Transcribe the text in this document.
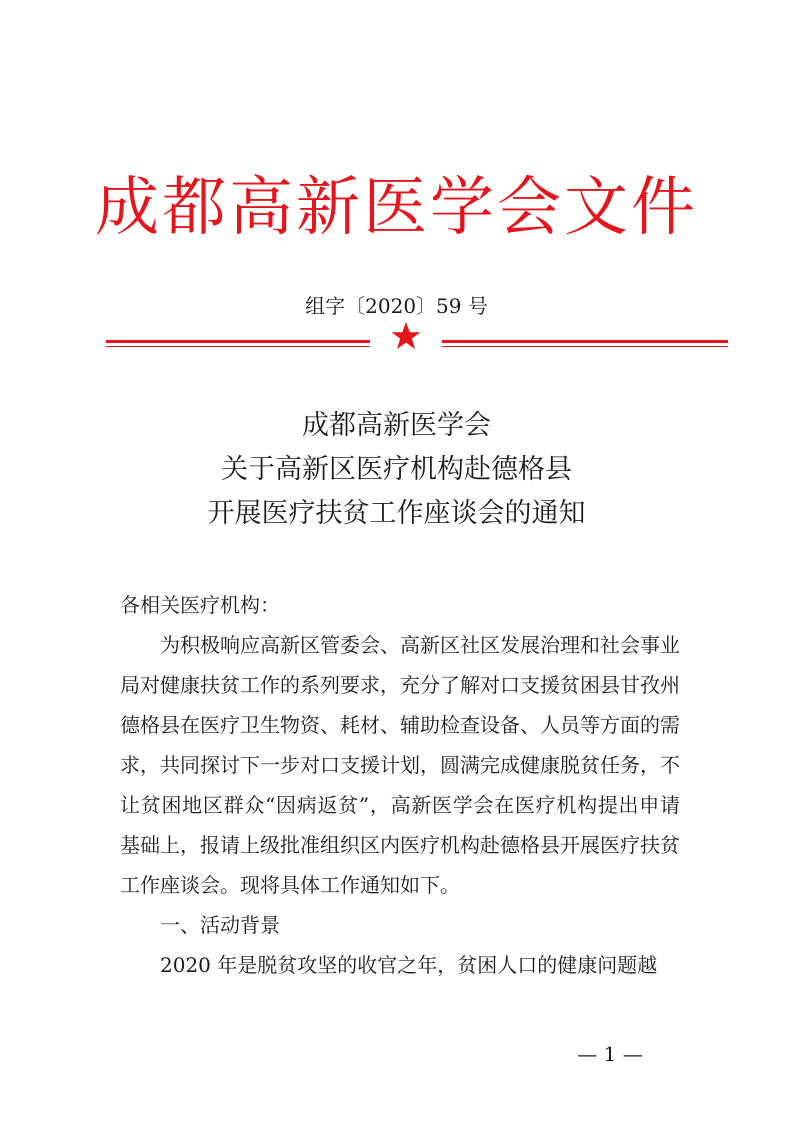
成都高新医学会文件
组字〔2020〕59 号
成都高新医学会
关于高新区医疗机构赴德格县
开展医疗扶贫工作座谈会的通知
各相关医疗机构：
为积极响应高新区管委会、高新区社区发展治理和社会事业局对健康扶贫工作的系列要求，充分了解对口支援贫困县甘孜州德格县在医疗卫生物资、耗材、辅助检查设备、人员等方面的需求，共同探讨下一步对口支援计划，圆满完成健康脱贫任务，不让贫困地区群众“因病返贫”，高新医学会在医疗机构提出申请基础上，报请上级批准组织区内医疗机构赴德格县开展医疗扶贫工作座谈会。现将具体工作通知如下。
一、活动背景
2020 年是脱贫攻坚的收官之年，贫困人口的健康问题越
— 1 —
